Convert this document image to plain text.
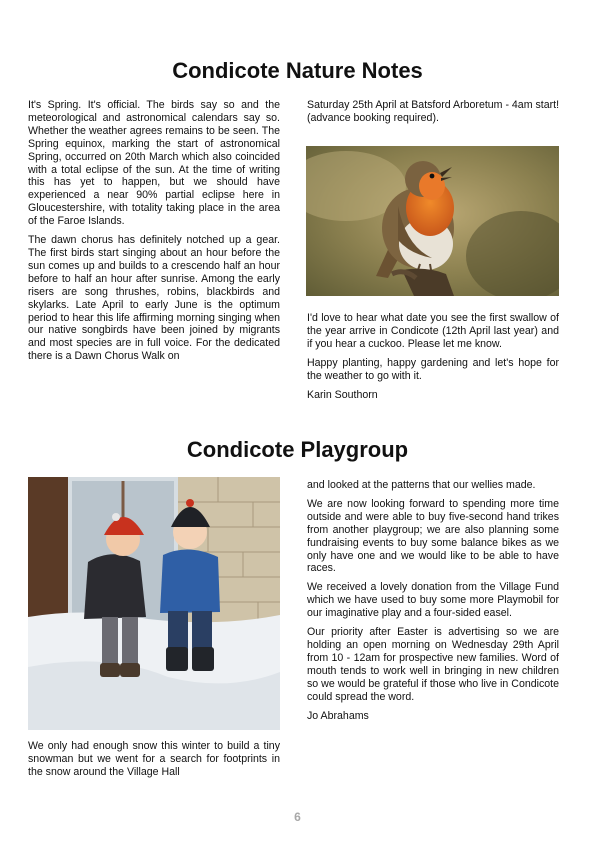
Condicote Nature Notes

It's Spring. It's official. The birds say so and the meteorological and astronomical calendars say so. Whether the weather agrees remains to be seen. The Spring equinox, marking the start of astronomical Spring, occurred on 20th March which also coincided with a total eclipse of the sun. At the time of writing this has yet to happen, but we should have experienced a near 90% partial eclipse here in Gloucestershire, with totality taking place in the area of the Faroe Islands.

The dawn chorus has definitely notched up a gear. The first birds start singing about an hour before the sun comes up and builds to a crescendo half an hour before to half an hour after sunrise. Among the early risers are song thrushes, robins, blackbirds and skylarks. Late April to early June is the optimum period to hear this life affirming morning singing when our native songbirds have been joined by migrants and most species are in full voice. For the dedicated there is a Dawn Chorus Walk on

Saturday 25th April at Batsford Arboretum - 4am start! (advance booking required).

I'd love to hear what date you see the first swallow of the year arrive in Condicote (12th April last year) and if you hear a cuckoo. Please let me know.

Happy planting, happy gardening and let's hope for the weather to go with it.

Karin Southorn

Condicote Playgroup

We only had enough snow this winter to build a tiny snowman but we went for a search for footprints in the snow around the Village Hall

and looked at the patterns that our wellies made.

We are now looking forward to spending more time outside and were able to buy five-second hand trikes from another playgroup; we are also planning some fundraising events to buy some balance bikes as we only have one and we would like to be able to have races.

We received a lovely donation from the Village Fund which we have used to buy some more Playmobil for our imaginative play and a four-sided easel.

Our priority after Easter is advertising so we are holding an open morning on Wednesday 29th April from 10 - 12am for prospective new families. Word of mouth tends to work well in bringing in new children so we would be grateful if those who live in Condicote could spread the word.

Jo Abrahams

6
